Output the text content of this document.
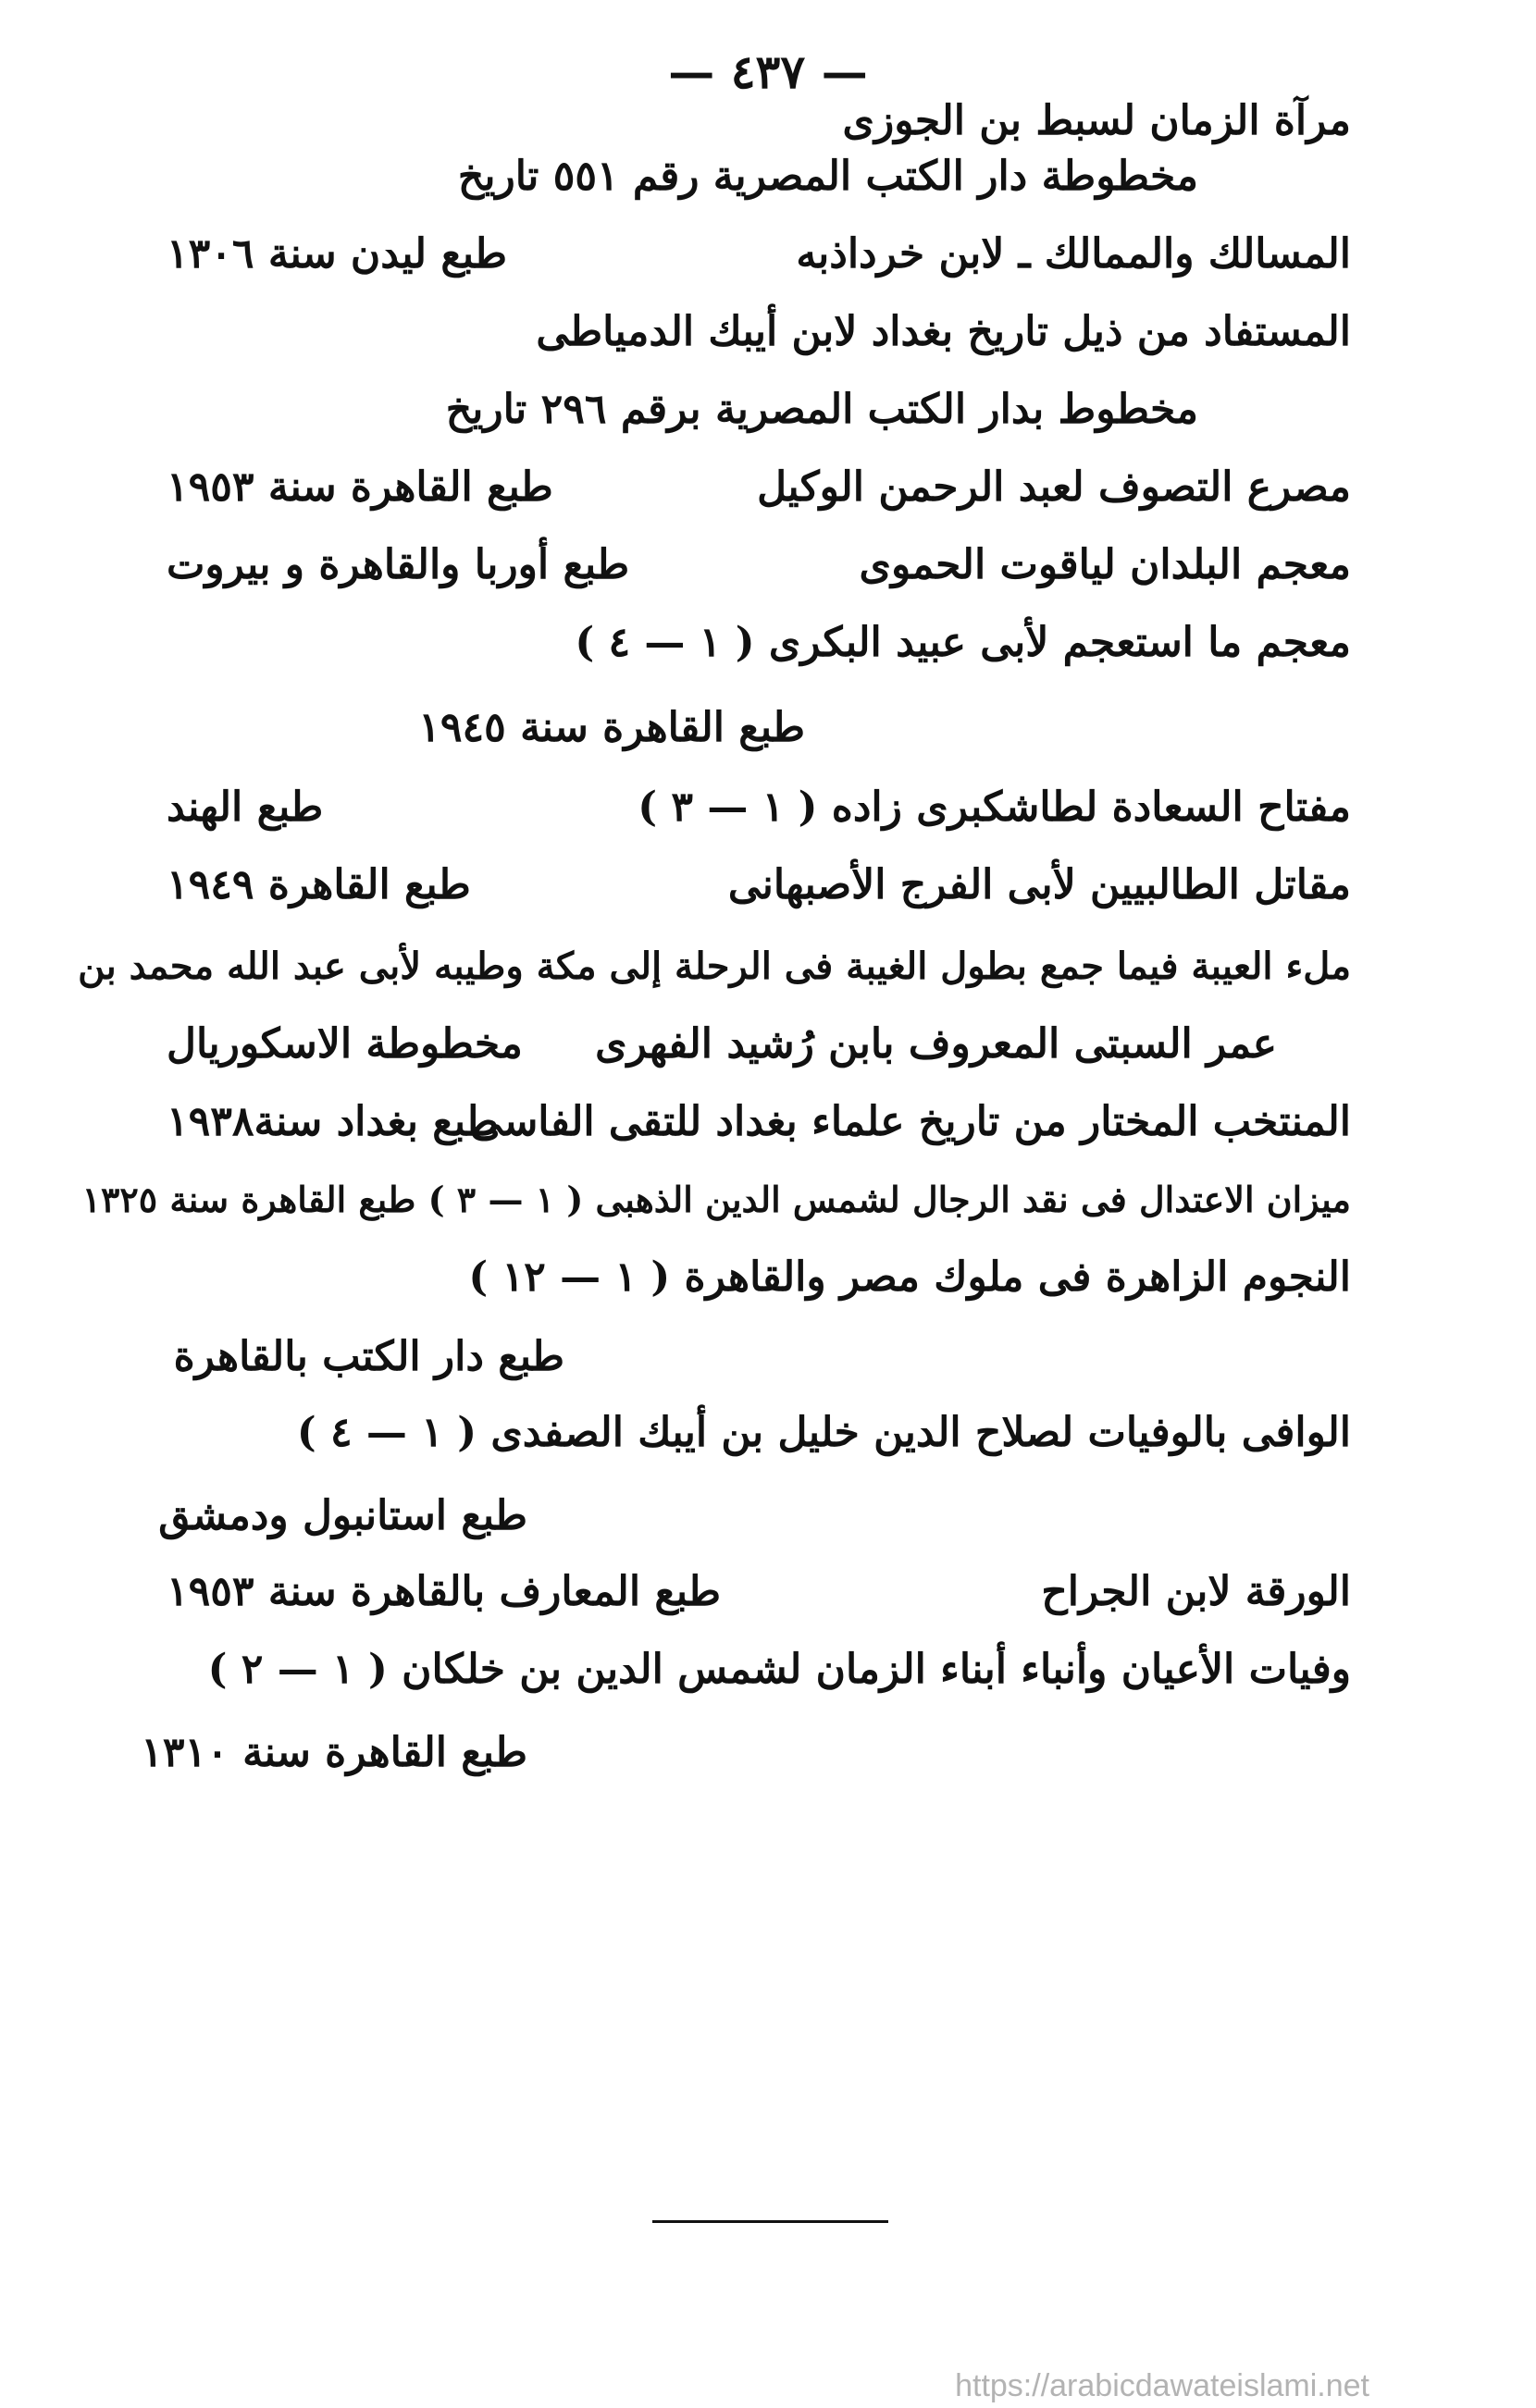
— ٤٣٧ —
مرآة الزمان لسبط بن الجوزى
مخطوطة دار الكتب المصرية رقم ٥٥١ تاريخ
المسالك والممالك ـ لابن خرداذبه
طبع ليدن سنة ١٣٠٦
المستفاد من ذيل تاريخ بغداد لابن أيبك الدمياطى
مخطوط بدار الكتب المصرية برقم ٢٩٦ تاريخ
مصرع التصوف لعبد الرحمن الوكيل
طبع القاهرة سنة ١٩٥٣
معجم البلدان لياقوت الحموى
طبع أوربا والقاهرة و بيروت
معجم ما استعجم لأبى عبيد البكرى ( ١ — ٤ )
طبع القاهرة سنة ١٩٤٥
مفتاح السعادة لطاشكبرى زاده ( ١ — ٣ )
طبع الهند
مقاتل الطالبيين لأبى الفرج الأصبهانى
طبع القاهرة ١٩٤٩
ملء العيبة فيما جمع بطول الغيبة فى الرحلة إلى مكة وطيبه لأبى عبد الله محمد بن
عمر السبتى المعروف بابن رُشيد الفهرى
مخطوطة الاسكوريال
المنتخب المختار من تاريخ علماء بغداد للتقى الفاسى
طبع بغداد سنة١٩٣٨
ميزان الاعتدال فى نقد الرجال لشمس الدين الذهبى ( ١ — ٣ ) طبع القاهرة سنة ١٣٢٥
النجوم الزاهرة فى ملوك مصر والقاهرة ( ١ — ١٢ )
طبع دار الكتب بالقاهرة
الوافى بالوفيات لصلاح الدين خليل بن أيبك الصفدى ( ١ — ٤ )
طبع استانبول ودمشق
الورقة لابن الجراح
طبع المعارف بالقاهرة سنة ١٩٥٣
وفيات الأعيان وأنباء أبناء الزمان لشمس الدين بن خلكان ( ١ — ٢ )
طبع القاهرة سنة ١٣١٠
https://arabicdawateislami.net
